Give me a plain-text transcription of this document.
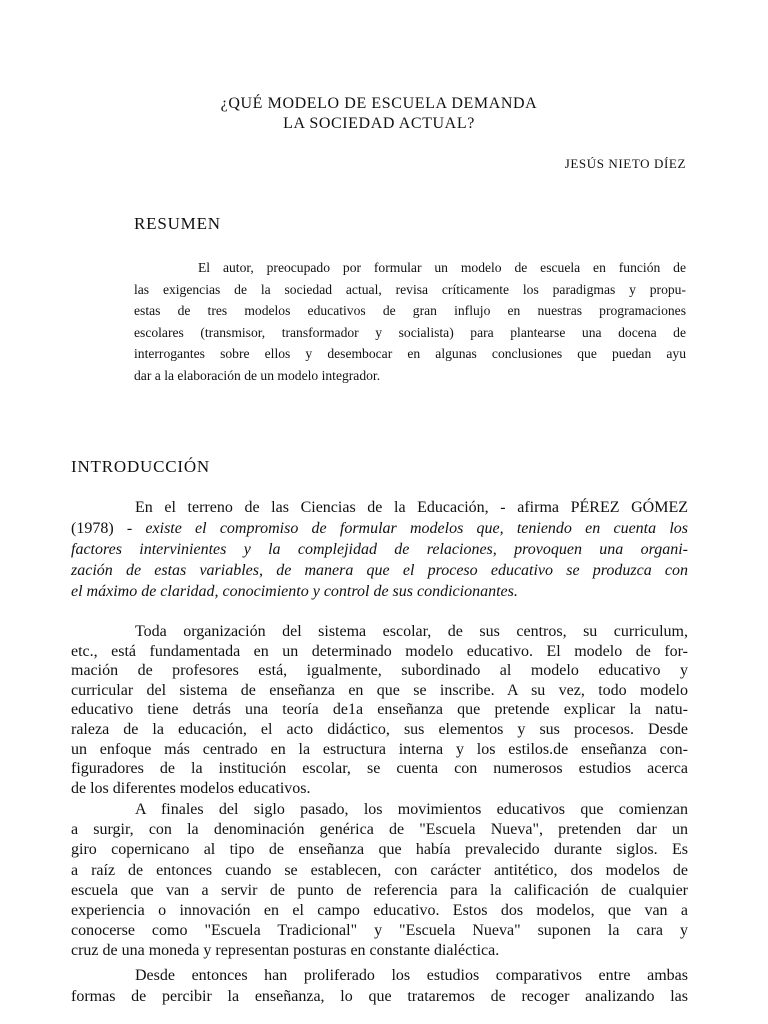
¿QUÉ MODELO DE ESCUELA DEMANDA
LA SOCIEDAD ACTUAL?
JESÚS NIETO DÍEZ
RESUMEN
El autor, preocupado por formular un modelo de escuela en función de
las exigencias de la sociedad actual, revisa críticamente los paradigmas y propu-
estas de tres modelos educativos de gran influjo en nuestras programaciones
escolares (transmisor, transformador y socialista) para plantearse una docena de
interrogantes sobre ellos y desembocar en algunas conclusiones que puedan ayu
dar a la elaboración de un modelo integrador.
INTRODUCCIÓN
En el terreno de las Ciencias de la Educación, - afirma PÉREZ GÓMEZ
(1978) - existe el compromiso de formular modelos que, teniendo en cuenta los
factores intervinientes y la complejidad de relaciones, provoquen una organi-
zación de estas variables, de manera que el proceso educativo se produzca con
el máximo de claridad, conocimiento y control de sus condicionantes.
Toda organización del sistema escolar, de sus centros, su curriculum,
etc., está fundamentada en un determinado modelo educativo. El modelo de for-
mación de profesores está, igualmente, subordinado al modelo educativo y
curricular del sistema de enseñanza en que se inscribe. A su vez, todo modelo
educativo tiene detrás una teoría de1a enseñanza que pretende explicar la natu-
raleza de la educación, el acto didáctico, sus elementos y sus procesos. Desde
un enfoque más centrado en la estructura interna y los estilos.de enseñanza con-
figuradores de la institución escolar, se cuenta con numerosos estudios acerca
de los diferentes modelos educativos.
A finales del siglo pasado, los movimientos educativos que comienzan
a surgir, con la denominación genérica de "Escuela Nueva", pretenden dar un
giro copernicano al tipo de enseñanza que había prevalecido durante siglos. Es
a raíz de entonces cuando se establecen, con carácter antitético, dos modelos de
escuela que van a servir de punto de referencia para la calificación de cualquier
experiencia o innovación en el campo educativo. Estos dos modelos, que van a
conocerse como "Escuela Tradicional" y "Escuela Nueva" suponen la cara y
cruz de una moneda y representan posturas en constante dialéctica.
Desde entonces han proliferado los estudios comparativos entre ambas
formas de percibir la enseñanza, lo que trataremos de recoger analizando las
